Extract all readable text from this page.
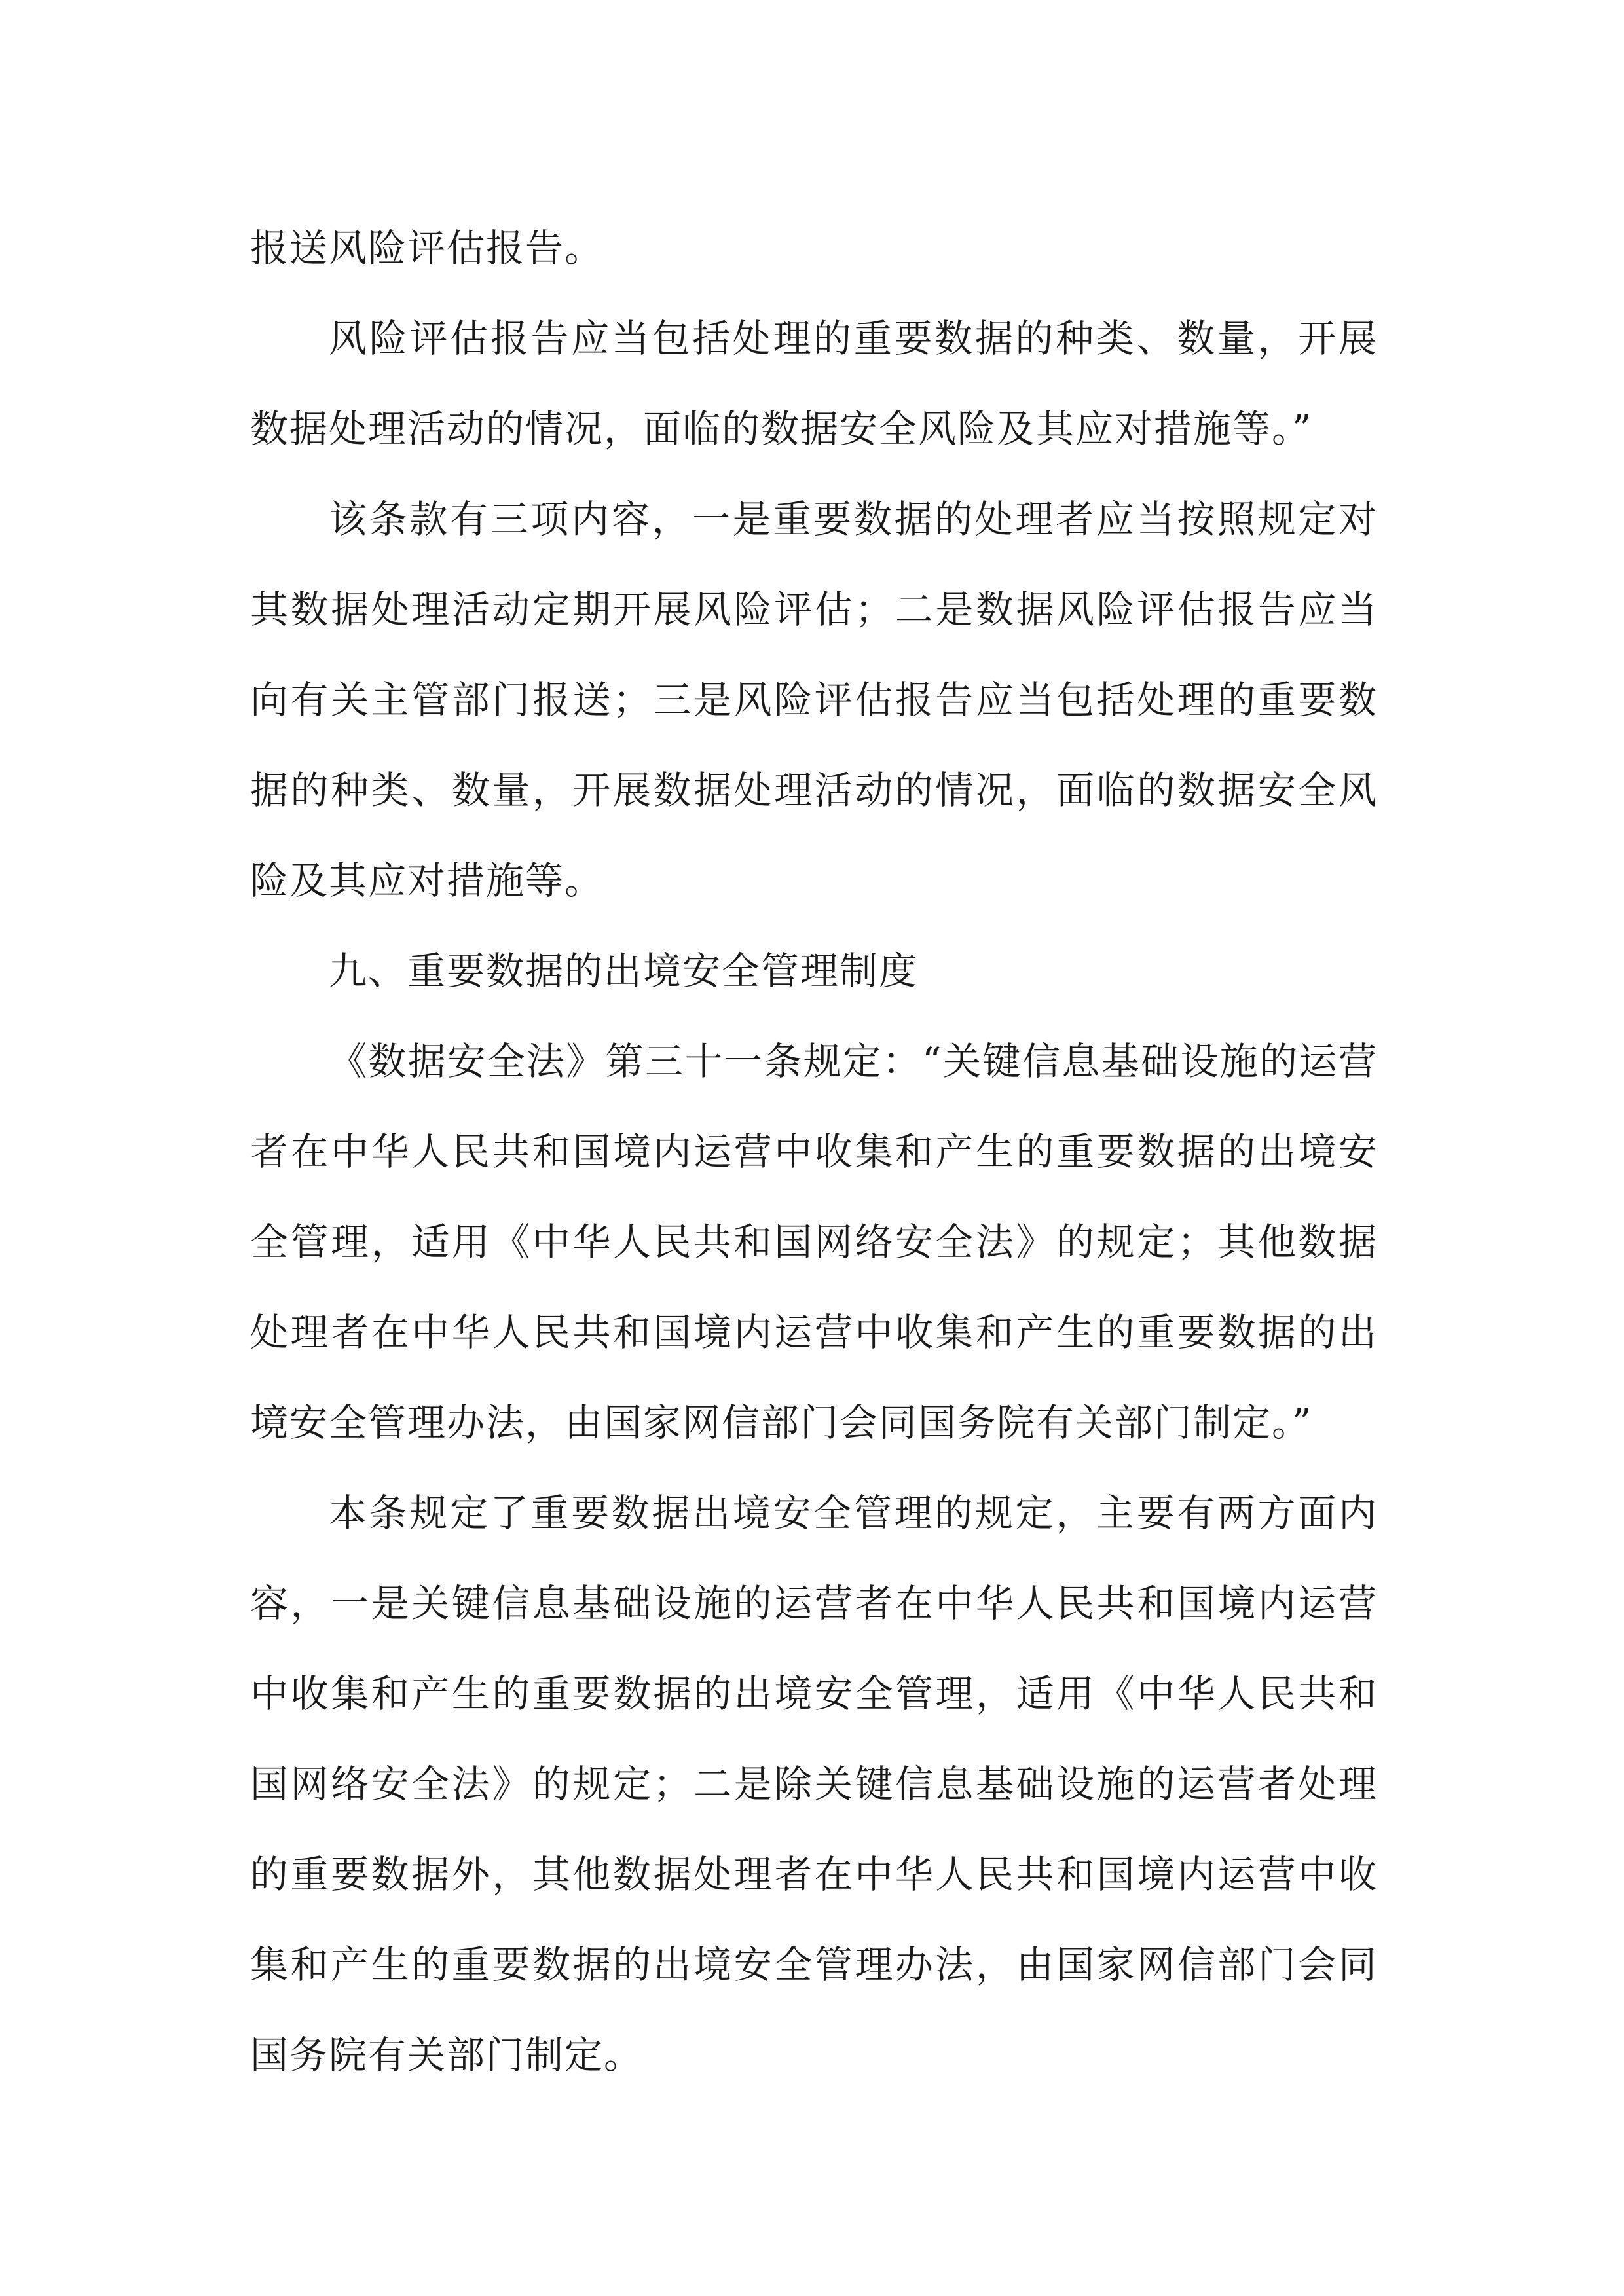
报送风险评估报告。

风险评估报告应当包括处理的重要数据的种类、数量，开展数据处理活动的情况，面临的数据安全风险及其应对措施等。”

该条款有三项内容，一是重要数据的处理者应当按照规定对其数据处理活动定期开展风险评估；二是数据风险评估报告应当向有关主管部门报送；三是风险评估报告应当包括处理的重要数据的种类、数量，开展数据处理活动的情况，面临的数据安全风险及其应对措施等。

九、重要数据的出境安全管理制度

《数据安全法》第三十一条规定：“关键信息基础设施的运营者在中华人民共和国境内运营中收集和产生的重要数据的出境安全管理，适用《中华人民共和国网络安全法》的规定；其他数据处理者在中华人民共和国境内运营中收集和产生的重要数据的出境安全管理办法，由国家网信部门会同国务院有关部门制定。”

本条规定了重要数据出境安全管理的规定，主要有两方面内容，一是关键信息基础设施的运营者在中华人民共和国境内运营中收集和产生的重要数据的出境安全管理，适用《中华人民共和国网络安全法》的规定；二是除关键信息基础设施的运营者处理的重要数据外，其他数据处理者在中华人民共和国境内运营中收集和产生的重要数据的出境安全管理办法，由国家网信部门会同国务院有关部门制定。
